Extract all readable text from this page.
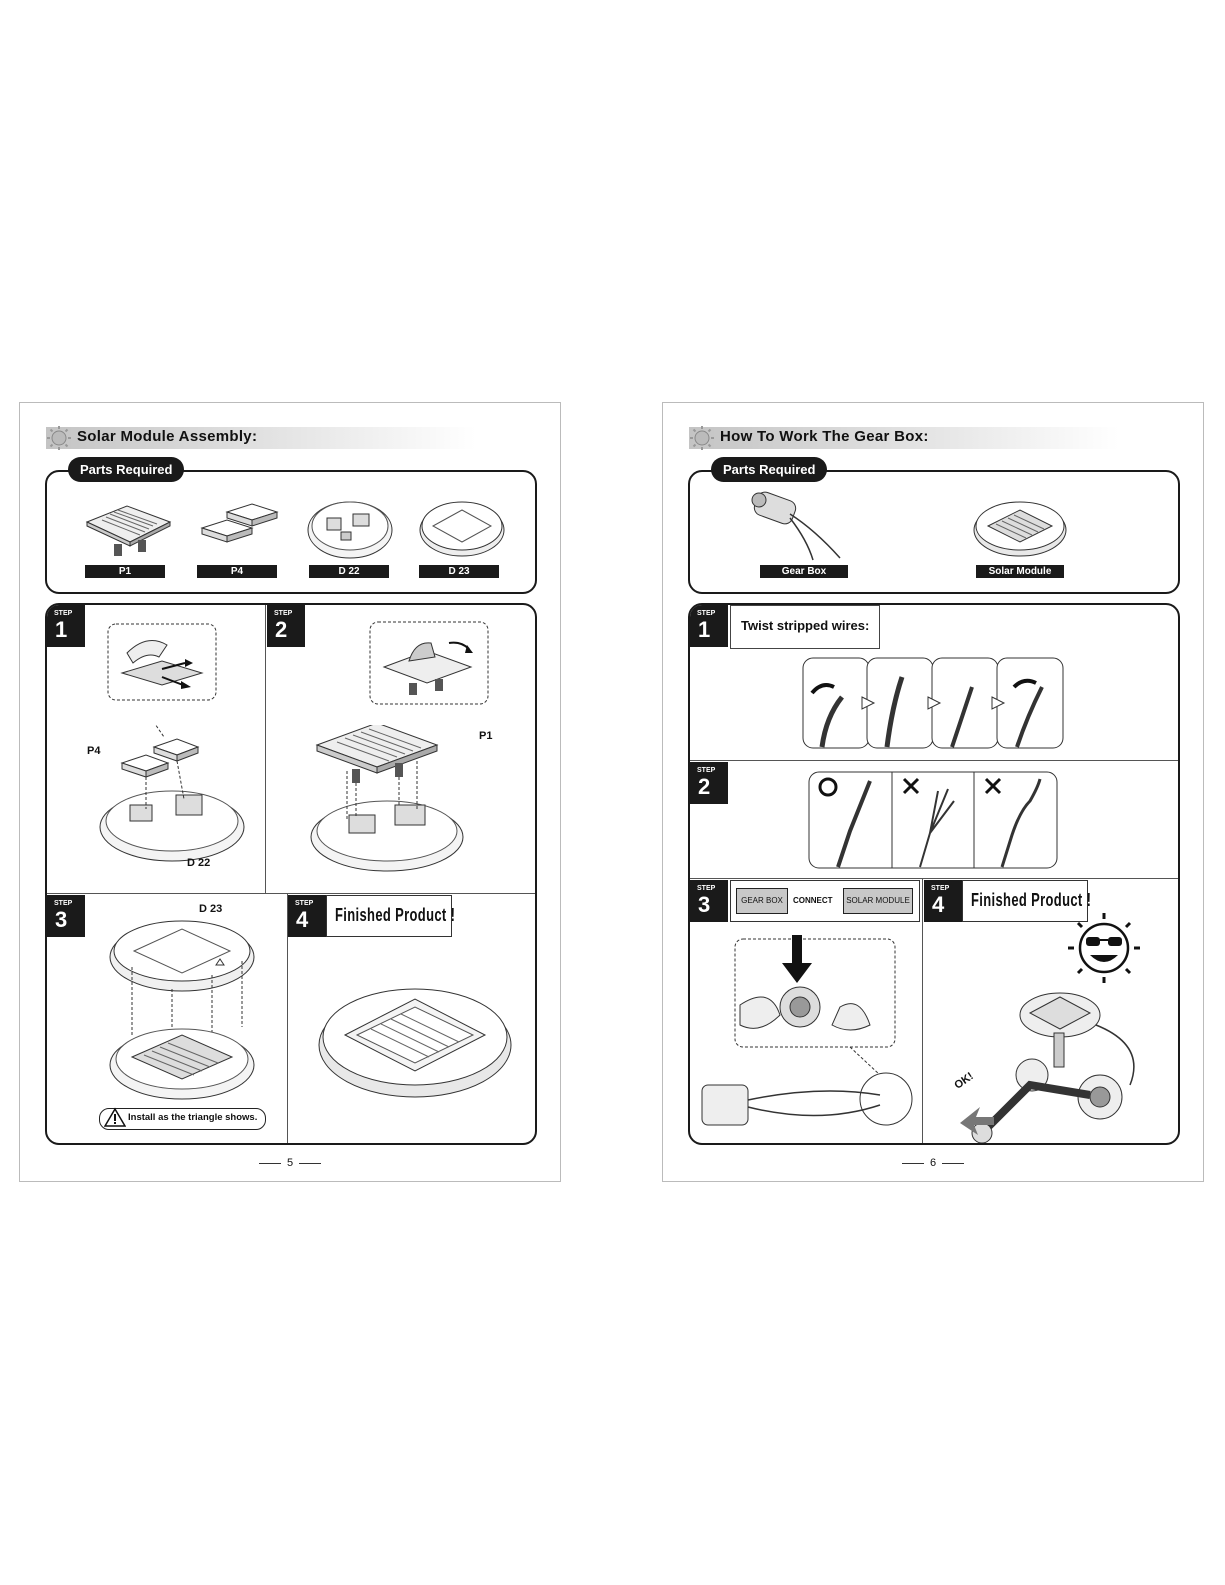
Solar Module Assembly:
P1	P4	D 22	D 23
Parts Required
STEP
1
P4
D 22
STEP
2
P1
STEP
3	D 23
Install as the triangle shows.
STEP
4 Finished Product !
5
How To Work The Gear Box:
Gear Box	Solar Module
Parts Required
STEP
1	Twist stripped wires:
STEP
2
STEP
3	GEAR BOX	CONNECT	SOLAR MODULE
STEP
4 Finished Product !
OK!
6
